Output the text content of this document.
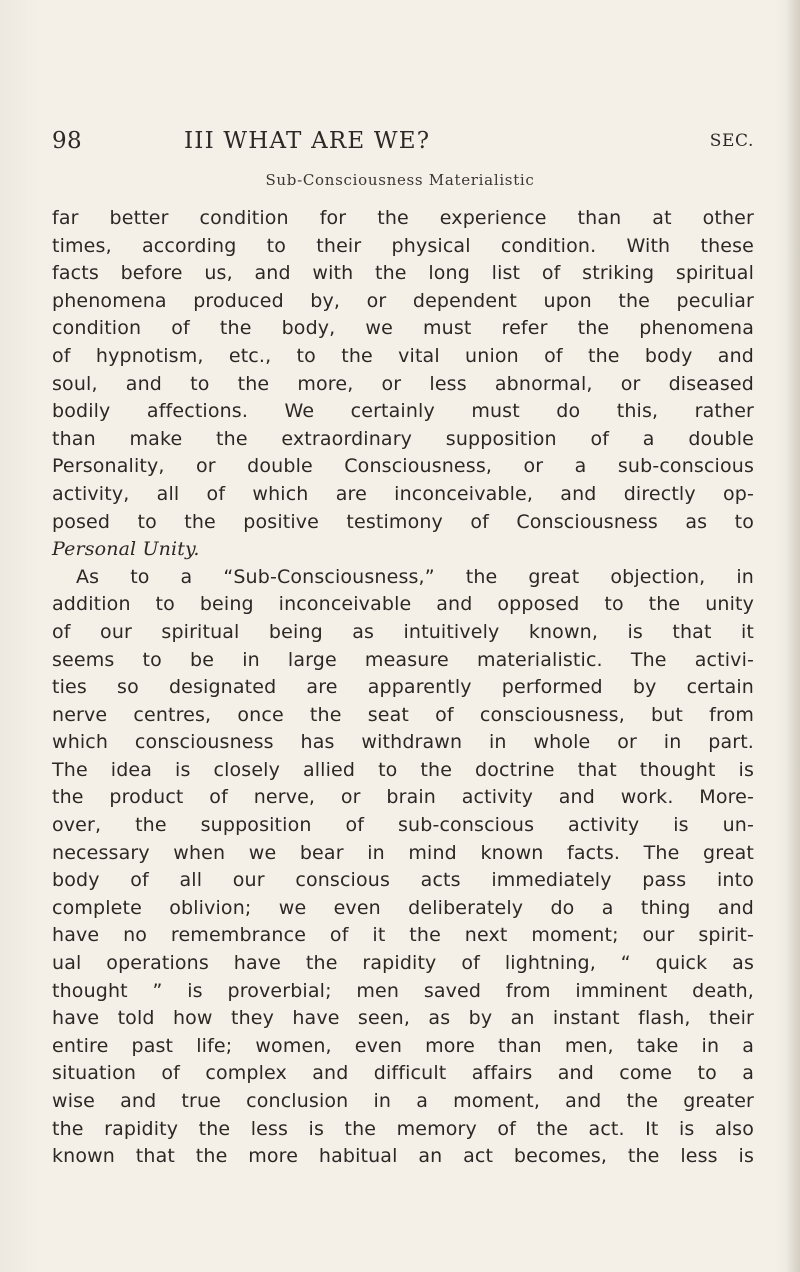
98	III WHAT ARE WE?	SEC.
Sub-Consciousness Materialistic
far better condition for the experience than at other
times, according to their physical condition. With these
facts before us, and with the long list of striking spiritual
phenomena produced by, or dependent upon the peculiar
condition of the body, we must refer the phenomena
of hypnotism, etc., to the vital union of the body and
soul, and to the more, or less abnormal, or diseased
bodily affections. We certainly must do this, rather
than make the extraordinary supposition of a double
Personality, or double Consciousness, or a sub-conscious
activity, all of which are inconceivable, and directly op-
posed to the positive testimony of Consciousness as to
Personal Unity.
As to a “Sub-Consciousness,” the great objection, in
addition to being inconceivable and opposed to the unity
of our spiritual being as intuitively known, is that it
seems to be in large measure materialistic. The activi-
ties so designated are apparently performed by certain
nerve centres, once the seat of consciousness, but from
which consciousness has withdrawn in whole or in part.
The idea is closely allied to the doctrine that thought is
the product of nerve, or brain activity and work. More-
over, the supposition of sub-conscious activity is un-
necessary when we bear in mind known facts. The great
body of all our conscious acts immediately pass into
complete oblivion; we even deliberately do a thing and
have no remembrance of it the next moment; our spirit-
ual operations have the rapidity of lightning, “ quick as
thought ” is proverbial; men saved from imminent death,
have told how they have seen, as by an instant flash, their
entire past life; women, even more than men, take in a
situation of complex and difficult affairs and come to a
wise and true conclusion in a moment, and the greater
the rapidity the less is the memory of the act. It is also
known that the more habitual an act becomes, the less is
